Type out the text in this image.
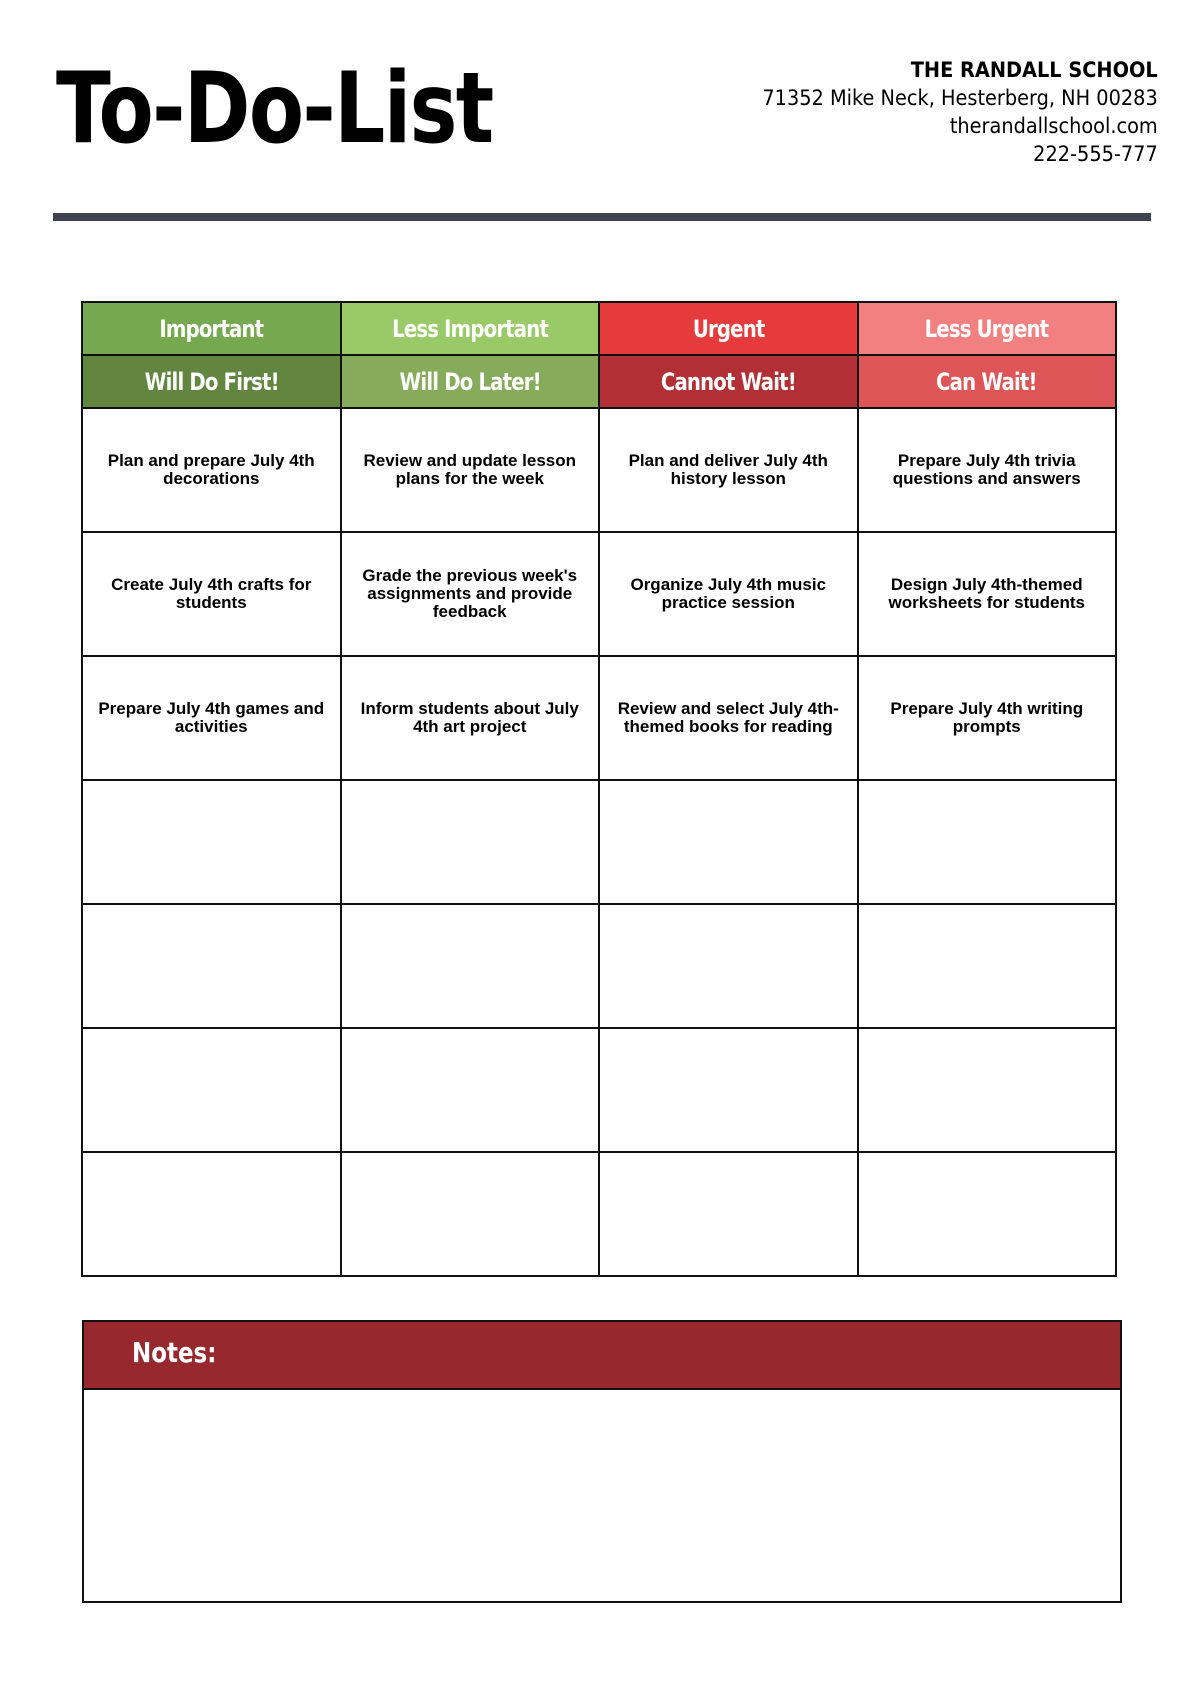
To-Do-List	THE RANDALL SCHOOL
71352 Mike Neck, Hesterberg, NH 00283
therandallschool.com
222-555-777
Important	Less Important	Urgent	Less Urgent
Will Do First!	Will Do Later!	Cannot Wait!	Can Wait!
Plan and prepare July 4th decorations	Review and update lesson plans for the week	Plan and deliver July 4th history lesson	Prepare July 4th trivia questions and answers
Create July 4th crafts for students	Grade the previous week's assignments and provide feedback	Organize July 4th music practice session	Design July 4th-themed worksheets for students
Prepare July 4th games and activities	Inform students about July 4th art project	Review and select July 4th-themed books for reading	Prepare July 4th writing prompts

Notes:
